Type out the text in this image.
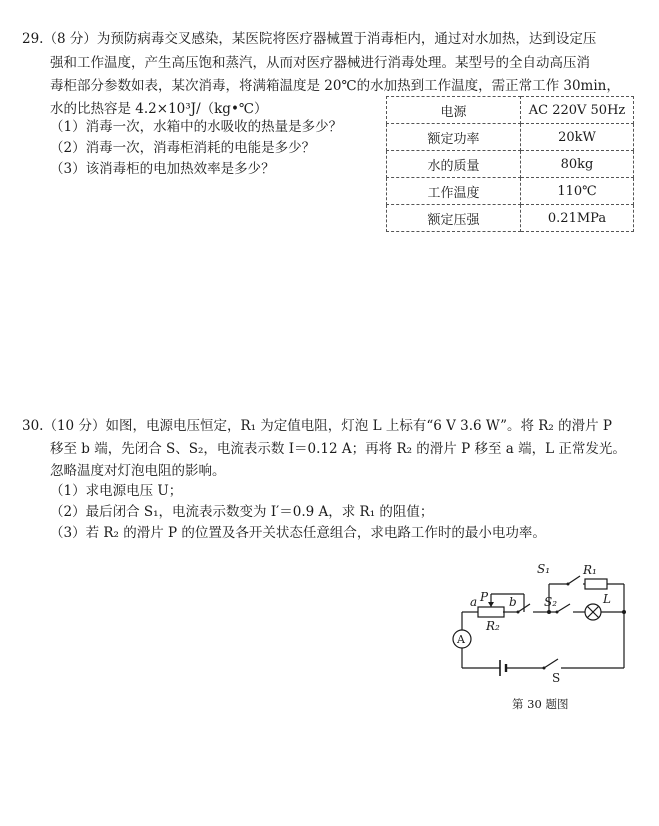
29.（8 分）为预防病毒交叉感染，某医院将医疗器械置于消毒柜内，通过对水加热，达到设定压
强和工作温度，产生高压饱和蒸汽，从而对医疗器械进行消毒处理。某型号的全自动高压消
毒柜部分参数如表，某次消毒，将满箱温度是 20℃的水加热到工作温度，需正常工作 30min，
水的比热容是 4.2×10³J/（kg•℃）
（1）消毒一次，水箱中的水吸收的热量是多少？
（2）消毒一次，消毒柜消耗的电能是多少？
（3）该消毒柜的电加热效率是多少？
电源	AC 220V 50Hz
额定功率	20kW
水的质量	80kg
工作温度	110℃
额定压强	0.21MPa
30.（10 分）如图，电源电压恒定，R₁ 为定值电阻，灯泡 L 上标有“6 V 3.6 W”。将 R₂ 的滑片 P
移至 b 端，先闭合 S、S₂，电流表示数 I＝0.12 A；再将 R₂ 的滑片 P 移至 a 端，L 正常发光。
忽略温度对灯泡电阻的影响。
（1）求电源电压 U；
（2）最后闭合 S₁，电流表示数变为 I′＝0.9 A，求 R₁ 的阻值；
（3）若 R₂ 的滑片 P 的位置及各开关状态任意组合，求电路工作时的最小电功率。
S₁	R₁
S₂	L
a P b
R₂
A
S
第 30 题图
